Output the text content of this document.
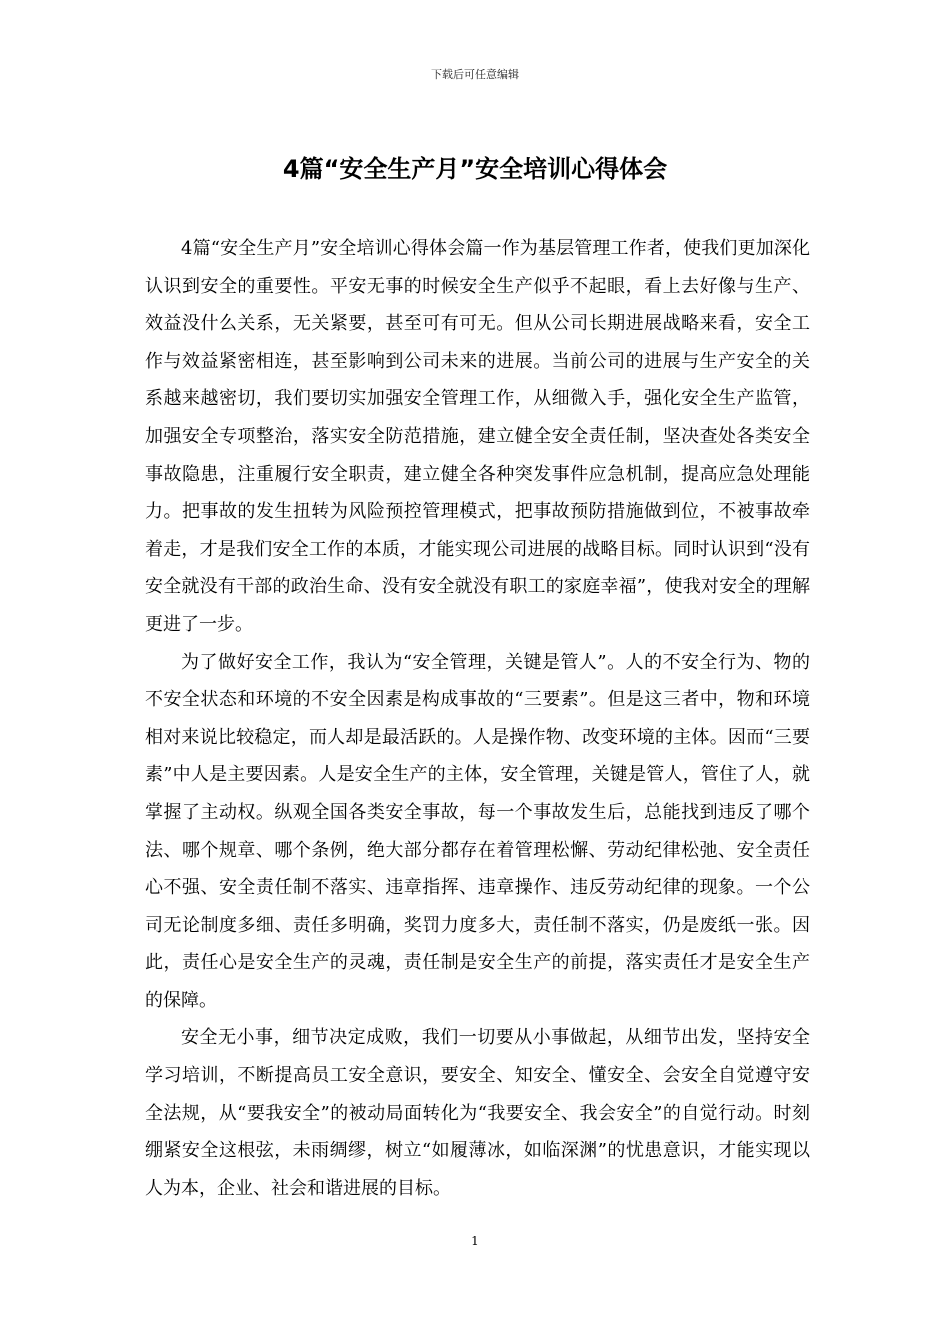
下载后可任意编辑
4篇“安全生产月”安全培训心得体会

4篇“安全生产月”安全培训心得体会篇一作为基层管理工作者，使我们更加深化认识到安全的重要性。平安无事的时候安全生产似乎不起眼，看上去好像与生产、效益没什么关系，无关紧要，甚至可有可无。但从公司长期进展战略来看，安全工作与效益紧密相连，甚至影响到公司未来的进展。当前公司的进展与生产安全的关系越来越密切，我们要切实加强安全管理工作，从细微入手，强化安全生产监管，加强安全专项整治，落实安全防范措施，建立健全安全责任制，坚决查处各类安全事故隐患，注重履行安全职责，建立健全各种突发事件应急机制，提高应急处理能力。把事故的发生扭转为风险预控管理模式，把事故预防措施做到位，不被事故牵着走，才是我们安全工作的本质，才能实现公司进展的战略目标。同时认识到“没有安全就没有干部的政治生命、没有安全就没有职工的家庭幸福”，使我对安全的理解更进了一步。

为了做好安全工作，我认为“安全管理，关键是管人”。人的不安全行为、物的不安全状态和环境的不安全因素是构成事故的“三要素”。但是这三者中，物和环境相对来说比较稳定，而人却是最活跃的。人是操作物、改变环境的主体。因而“三要素”中人是主要因素。人是安全生产的主体，安全管理，关键是管人，管住了人，就掌握了主动权。纵观全国各类安全事故，每一个事故发生后，总能找到违反了哪个法、哪个规章、哪个条例，绝大部分都存在着管理松懈、劳动纪律松弛、安全责任心不强、安全责任制不落实、违章指挥、违章操作、违反劳动纪律的现象。一个公司无论制度多细、责任多明确，奖罚力度多大，责任制不落实，仍是废纸一张。因此，责任心是安全生产的灵魂，责任制是安全生产的前提，落实责任才是安全生产的保障。

安全无小事，细节决定成败，我们一切要从小事做起，从细节出发，坚持安全学习培训，不断提高员工安全意识，要安全、知安全、懂安全、会安全自觉遵守安全法规，从“要我安全”的被动局面转化为“我要安全、我会安全”的自觉行动。时刻绷紧安全这根弦，未雨绸缪，树立“如履薄冰，如临深渊”的忧患意识，才能实现以人为本，企业、社会和谐进展的目标。

1
